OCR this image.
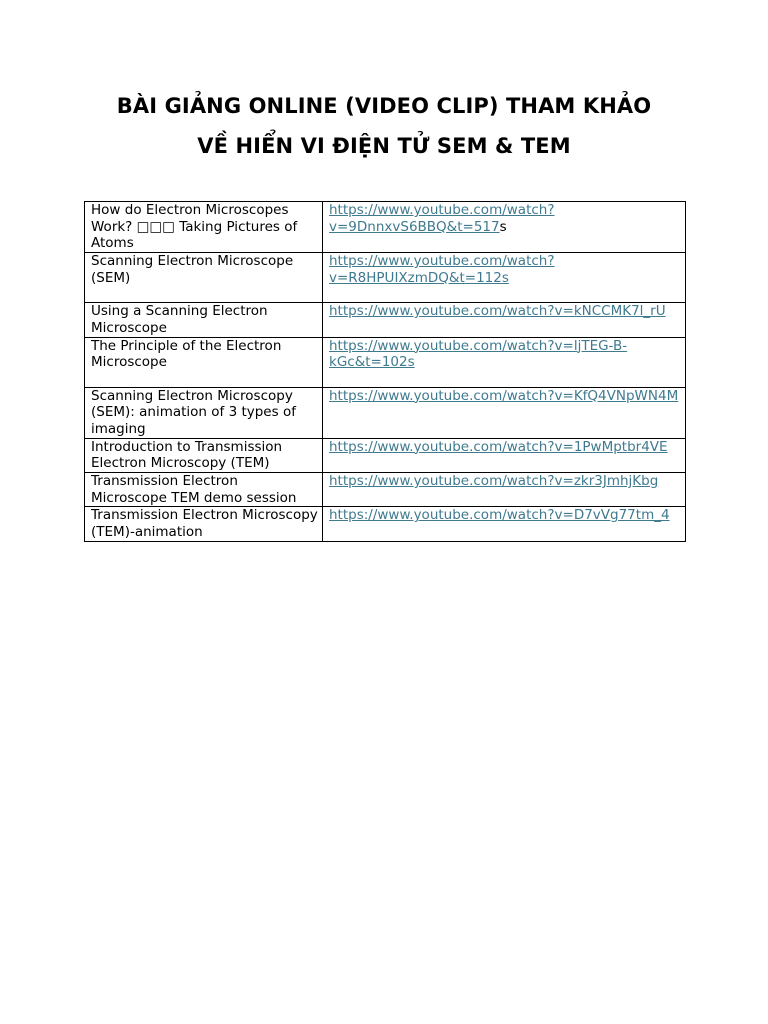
BÀI GIẢNG ONLINE (VIDEO CLIP) THAM KHẢO
VỀ HIỂN VI ĐIỆN TỬ SEM & TEM
How do Electron Microscopes Work? □□□ Taking Pictures of Atoms	https://www.youtube.com/watch?v=9DnnxvS6BBQ&t=517s
Scanning Electron Microscope (SEM)	https://www.youtube.com/watch?v=R8HPUIXzmDQ&t=112s
Using a Scanning Electron Microscope	https://www.youtube.com/watch?v=kNCCMK7l_rU
The Principle of the Electron Microscope	https://www.youtube.com/watch?v=ljTEG-B-kGc&t=102s
Scanning Electron Microscopy (SEM): animation of 3 types of imaging	https://www.youtube.com/watch?v=KfQ4VNpWN4M
Introduction to Transmission Electron Microscopy (TEM)	https://www.youtube.com/watch?v=1PwMptbr4VE
Transmission Electron Microscope TEM demo session	https://www.youtube.com/watch?v=zkr3JmhjKbg
Transmission Electron Microscopy (TEM)-animation	https://www.youtube.com/watch?v=D7vVg77tm_4
